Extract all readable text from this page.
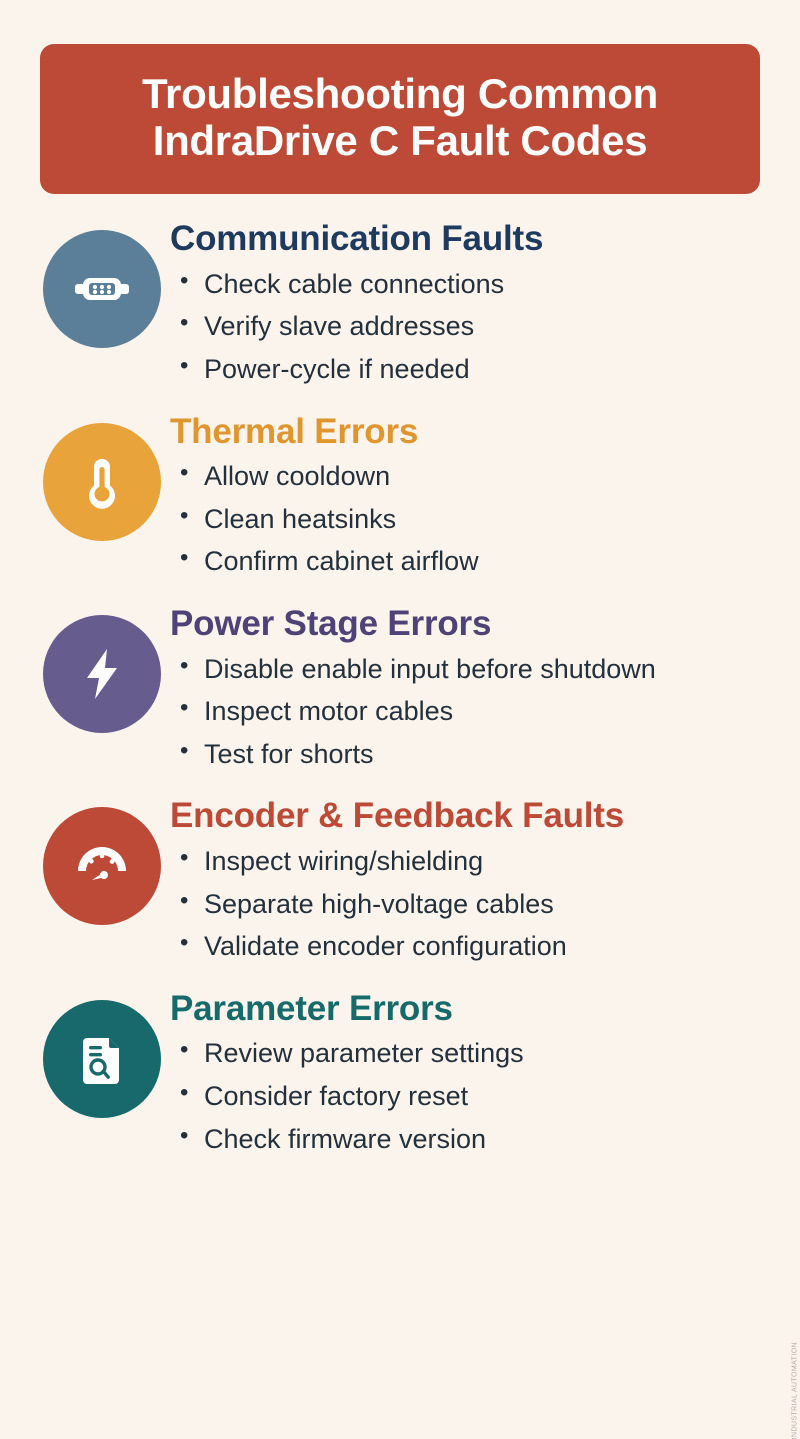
Troubleshooting Common
IndraDrive C Fault Codes
Communication Faults
• Check cable connections
• Verify slave addresses
• Power-cycle if needed
Thermal Errors
• Allow cooldown
• Clean heatsinks
• Confirm cabinet airflow
Power Stage Errors
• Disable enable input before shutdown
• Inspect motor cables
• Test for shorts
Encoder & Feedback Faults
• Inspect wiring/shielding
• Separate high-voltage cables
• Validate encoder configuration
Parameter Errors
• Review parameter settings
• Consider factory reset
• Check firmware version
INDUSTRIAL AUTOMATION
